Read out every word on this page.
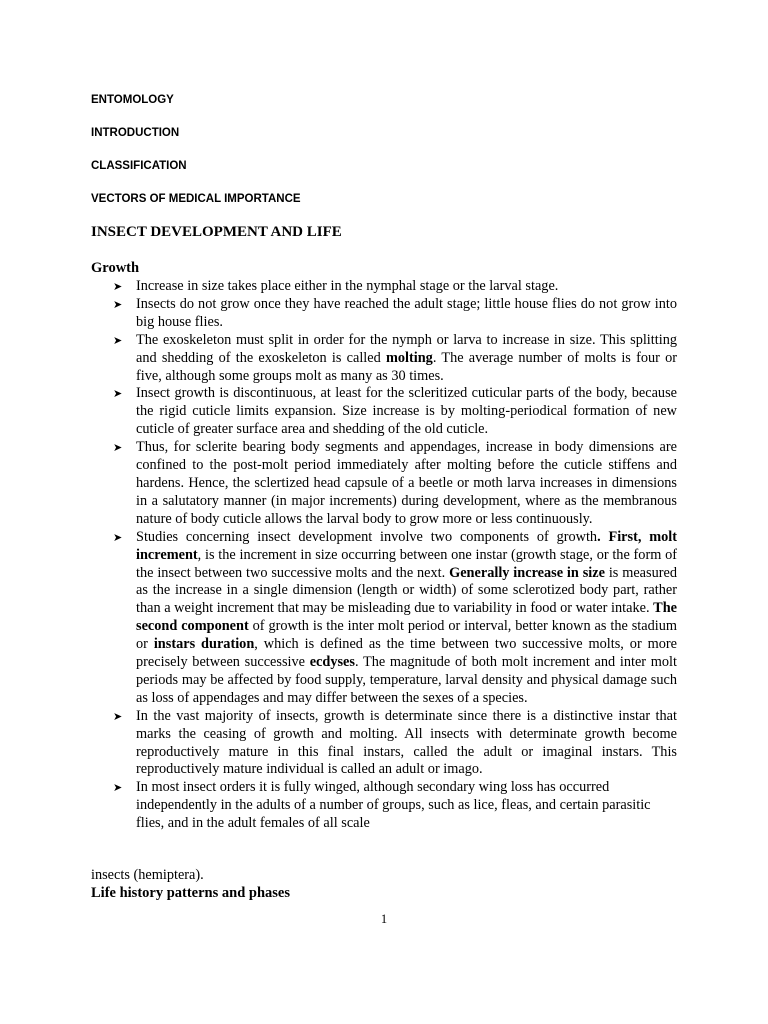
ENTOMOLOGY
INTRODUCTION
CLASSIFICATION
VECTORS OF MEDICAL IMPORTANCE
INSECT DEVELOPMENT AND LIFE
Growth
➤ Increase in size takes place either in the nymphal stage or the larval stage.
➤ Insects do not grow once they have reached the adult stage; little house flies do not grow into big house flies.
➤ The exoskeleton must split in order for the nymph or larva to increase in size. This splitting and shedding of the exoskeleton is called molting. The average number of molts is four or five, although some groups molt as many as 30 times.
➤ Insect growth is discontinuous, at least for the scleritized cuticular parts of the body, because the rigid cuticle limits expansion. Size increase is by molting-periodical formation of new cuticle of greater surface area and shedding of the old cuticle.
➤ Thus, for sclerite bearing body segments and appendages, increase in body dimensions are confined to the post-molt period immediately after molting before the cuticle stiffens and hardens. Hence, the sclertized head capsule of a beetle or moth larva increases in dimensions in a salutatory manner (in major increments) during development, where as the membranous nature of body cuticle allows the larval body to grow more or less continuously.
➤ Studies concerning insect development involve two components of growth. First, molt increment, is the increment in size occurring between one instar (growth stage, or the form of the insect between two successive molts and the next. Generally increase in size is measured as the increase in a single dimension (length or width) of some sclerotized body part, rather than a weight increment that may be misleading due to variability in food or water intake. The second component of growth is the inter molt period or interval, better known as the stadium or instars duration, which is defined as the time between two successive molts, or more precisely between successive ecdyses. The magnitude of both molt increment and inter molt periods may be affected by food supply, temperature, larval density and physical damage such as loss of appendages and may differ between the sexes of a species.
➤ In the vast majority of insects, growth is determinate since there is a distinctive instar that marks the ceasing of growth and molting. All insects with determinate growth become reproductively mature in this final instars, called the adult or imaginal instars. This reproductively mature individual is called an adult or imago.
➤ In most insect orders it is fully winged, although secondary wing loss has occurred independently in the adults of a number of groups, such as lice, fleas, and certain parasitic flies, and in the adult females of all scale
insects (hemiptera).
Life history patterns and phases
1
